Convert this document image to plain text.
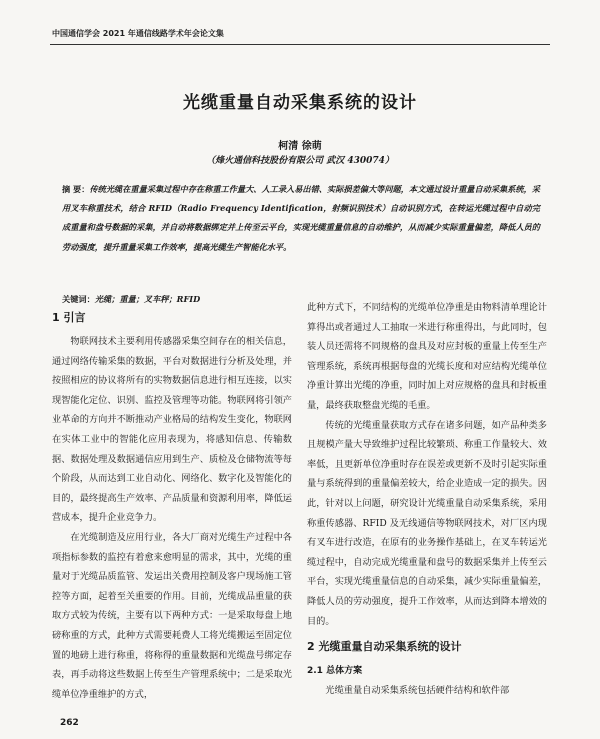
中国通信学会 2021 年通信线路学术年会论文集
光缆重量自动采集系统的设计
柯清 徐萌
（烽火通信科技股份有限公司 武汉 430074）
摘 要：传统光缆在重量采集过程中存在称重工作量大、人工录入易出错、实际损差偏大等问题，本文通过设计重量自动采集系统，采用叉车称重技术，结合 RFID（Radio Frequency Identification，射频识别技术）自动识别方式，在转运光缆过程中自动完成重量和盘号数据的采集，并自动将数据绑定并上传至云平台，实现光缆重量信息的自动维护，从而减少实际重量偏差，降低人员的劳动强度，提升重量采集工作效率，提高光缆生产智能化水平。
关键词：光缆；重量；叉车秤；RFID
1 引言

物联网技术主要利用传感器采集空间存在的相关信息，通过网络传输采集的数据，平台对数据进行分析及处理，并按照相应的协议将所有的实物数据信息进行相互连接，以实现智能化定位、识别、监控及管理等功能。物联网将引领产业革命的方向并不断推动产业格局的结构发生变化，物联网在实体工业中的智能化应用表现为，将感知信息、传输数据、数据处理及数据通信应用到生产、质检及仓储物流等每个阶段，从而达到工业自动化、网络化、数字化及智能化的目的，最终提高生产效率、产品质量和资源利用率，降低运营成本，提升企业竞争力。

在光缆制造及应用行业，各大厂商对光缆生产过程中各项指标参数的监控有着愈来愈明显的需求，其中，光缆的重量对于光缆品质监管、发运出关费用控制及客户现场施工管控等方面，起着至关重要的作用。目前，光缆成品重量的获取方式较为传统，主要有以下两种方式：一是采取每盘上地磅称重的方式，此种方式需要耗费人工将光缆搬运至固定位置的地磅上进行称重，将称得的重量数据和光缆盘号绑定存表，再手动将这些数据上传至生产管理系统中；二是采取光缆单位净重维护的方式，

此种方式下，不同结构的光缆单位净重是由物料清单理论计算得出或者通过人工抽取一米进行称重得出，与此同时，包装人员还需将不同规格的盘具及对应封板的重量上传至生产管理系统，系统再根据每盘的光缆长度和对应结构光缆单位净重计算出光缆的净重，同时加上对应规格的盘具和封板重量，最终获取整盘光缆的毛重。

传统的光缆重量获取方式存在诸多问题，如产品种类多且规模产量大导致维护过程比较繁琐、称重工作量较大、效率低，且更新单位净重时存在误差或更新不及时引起实际重量与系统得到的重量偏差较大，给企业造成一定的损失。因此，针对以上问题，研究设计光缆重量自动采集系统，采用称重传感器、RFID 及无线通信等物联网技术，对厂区内现有叉车进行改造，在原有的业务操作基础上，在叉车转运光缆过程中，自动完成光缆重量和盘号的数据采集并上传至云平台，实现光缆重量信息的自动采集，减少实际重量偏差，降低人员的劳动强度，提升工作效率，从而达到降本增效的目的。

2 光缆重量自动采集系统的设计
2.1 总体方案

光缆重量自动采集系统包括硬件结构和软件部

262
